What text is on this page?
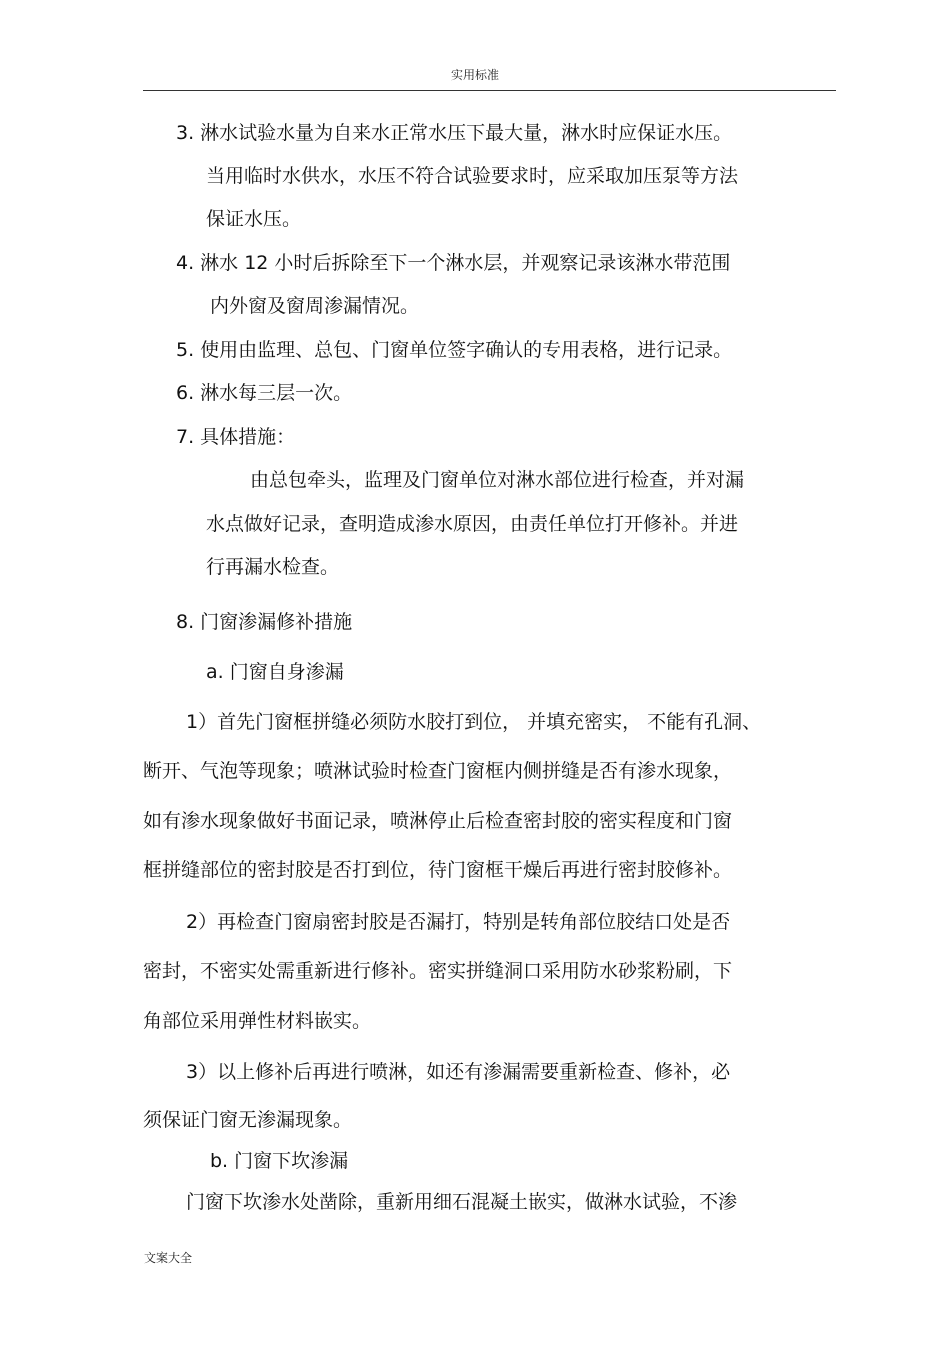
实用标准
3. 淋水试验水量为自来水正常水压下最大量，淋水时应保证水压。
当用临时水供水，水压不符合试验要求时，应采取加压泵等方法
保证水压。
4. 淋水 12 小时后拆除至下一个淋水层，并观察记录该淋水带范围
内外窗及窗周渗漏情况。
5. 使用由监理、总包、门窗单位签字确认的专用表格，进行记录。
6. 淋水每三层一次。
7. 具体措施：
由总包牵头，监理及门窗单位对淋水部位进行检查，并对漏
水点做好记录，查明造成渗水原因，由责任单位打开修补。并进
行再漏水检查。
8. 门窗渗漏修补措施
a. 门窗自身渗漏
1）首先门窗框拼缝必须防水胶打到位， 并填充密实， 不能有孔洞、
断开、气泡等现象；喷淋试验时检查门窗框内侧拼缝是否有渗水现象，
如有渗水现象做好书面记录，喷淋停止后检查密封胶的密实程度和门窗
框拼缝部位的密封胶是否打到位，待门窗框干燥后再进行密封胶修补。
2）再检查门窗扇密封胶是否漏打，特别是转角部位胶结口处是否
密封，不密实处需重新进行修补。密实拼缝洞口采用防水砂浆粉刷，下
角部位采用弹性材料嵌实。
3）以上修补后再进行喷淋，如还有渗漏需要重新检查、修补，必
须保证门窗无渗漏现象。
b. 门窗下坎渗漏
门窗下坎渗水处凿除，重新用细石混凝土嵌实，做淋水试验，不渗
文案大全
